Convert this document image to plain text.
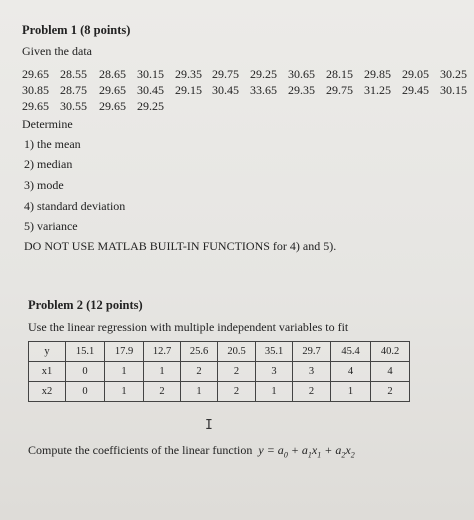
Problem 1 (8 points)
Given the data
29.65 28.55 28.65 30.15 29.35 29.75 29.25 30.65 28.15 29.85 29.05 30.25
30.85 28.75 29.65 30.45 29.15 30.45 33.65 29.35 29.75 31.25 29.45 30.15
29.65 30.55 29.65 29.25
Determine
1) the mean
2) median
3) mode
4) standard deviation
5) variance
DO NOT USE MATLAB BUILT-IN FUNCTIONS for 4) and 5).
Problem 2 (12 points)
Use the linear regression with multiple independent variables to fit
y	15.1	17.9	12.7	25.6	20.5	35.1	29.7	45.4	40.2
x1	0	1	1	2	2	3	3	4	4
x2	0	1	2	1	2	1	2	1	2
I
Compute the coefficients of the linear function  $y = a_0 + a_1x_1 + a_2x_2$
